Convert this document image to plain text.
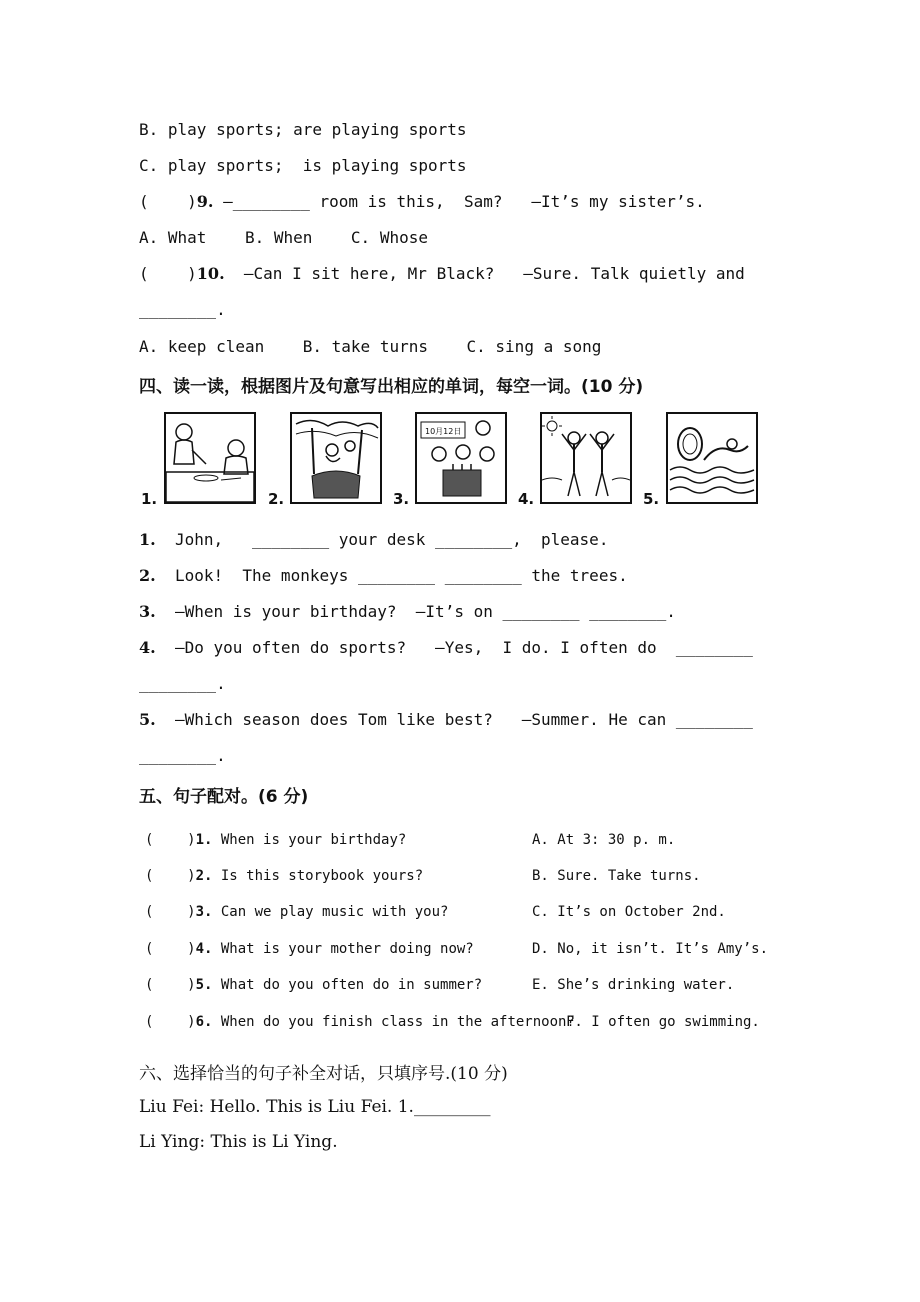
B. play sports; are playing sports
C. play sports;  is playing sports
(    )9. —________ room is this,  Sam?   —It’s my sister’s.
A. What    B. When    C. Whose
(    )10.  —Can I sit here, Mr Black?   —Sure. Talk quietly and
________.
A. keep clean    B. take turns    C. sing a song
四、读一读，根据图片及句意写出相应的单词，每空一词。(10 分)
1.	2.	3.
10月12日
4.	5.
1.  John,   ________ your desk ________,  please.
2.  Look!  The monkeys ________ ________ the trees.
3.  —When is your birthday?  —It’s on ________ ________.
4.  —Do you often do sports?   —Yes,  I do. I often do  ________
________.
5.  —Which season does Tom like best?   —Summer. He can ________
________.
五、句子配对。(6 分)
(    )1. When is your birthday?	A. At 3: 30 p. m.
(    )2. Is this storybook yours?	B. Sure. Take turns.
(    )3. Can we play music with you?	C. It’s on October 2nd.
(    )4. What is your mother doing now?	D. No, it isn’t. It’s Amy’s.
(    )5. What do you often do in summer?	E. She’s drinking water.
(    )6. When do you finish class in the afternoon?
F. I often go swimming.
六、选择恰当的句子补全对话，只填序号.(10 分)
Liu Fei: Hello. This is Liu Fei. 1._________
Li Ying: This is Li Ying.
